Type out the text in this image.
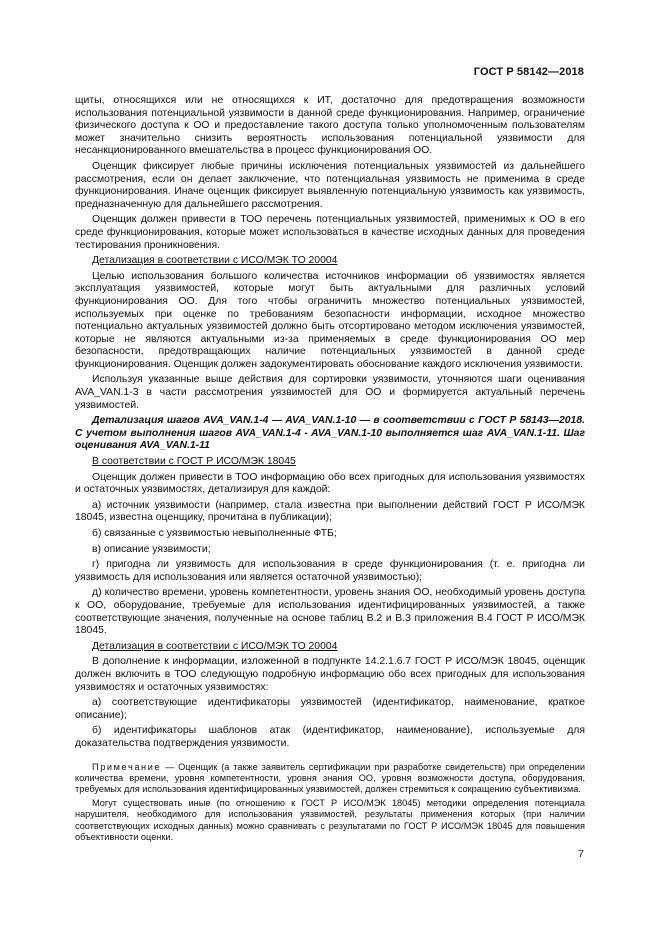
ГОСТ Р 58142—2018

щиты, относящихся или не относящихся к ИТ, достаточно для предотвращения возможности использования потенциальной уязвимости в данной среде функционирования. Например, ограничение физического доступа к ОО и предоставление такого доступа только уполномоченным пользователям может значительно снизить вероятность использования потенциальной уязвимости для несанкционированного вмешательства в процесс функционирования ОО.

Оценщик фиксирует любые причины исключения потенциальных уязвимостей из дальнейшего рассмотрения, если он делает заключение, что потенциальная уязвимость не применима в среде функционирования. Иначе оценщик фиксирует выявленную потенциальную уязвимость как уязвимость, предназначенную для дальнейшего рассмотрения.

Оценщик должен привести в ТОО перечень потенциальных уязвимостей, применимых к ОО в его среде функционирования, которые может использоваться в качестве исходных данных для проведения тестирования проникновения.

Детализация в соответствии с ИСО/МЭК ТО 20004

Целью использования большого количества источников информации об уязвимостях является эксплуатация уязвимостей, которые могут быть актуальными для различных условий функционирования ОО. Для того чтобы ограничить множество потенциальных уязвимостей, используемых при оценке по требованиям безопасности информации, исходное множество потенциально актуальных уязвимостей должно быть отсортировано методом исключения уязвимостей, которые не являются актуальными из-за применяемых в среде функционирования ОО мер безопасности, предотвращающих наличие потенциальных уязвимостей в данной среде функционирования. Оценщик должен задокументировать обоснование каждого исключения уязвимости.

Используя указанные выше действия для сортировки уязвимости, уточняются шаги оценивания AVA_VAN.1-3 в части рассмотрения уязвимостей для ОО и формируется актуальный перечень уязвимостей.

Детализация шагов AVA_VAN.1-4 — AVA_VAN.1-10 — в соответствии с ГОСТ Р 58143—2018. С учетом выполнения шагов AVA_VAN.1-4 - AVA_VAN.1-10 выполняется шаг AVA_VAN.1-11. Шаг оценивания AVA_VAN.1-11

В соответствии с ГОСТ Р ИСО/МЭК 18045

Оценщик должен привести в ТОО информацию обо всех пригодных для использования уязвимостях и остаточных уязвимостях, детализируя для каждой:

а) источник уязвимости (например, стала известна при выполнении действий ГОСТ Р ИСО/МЭК 18045, известна оценщику, прочитана в публикации);

б) связанные с уязвимостью невыполненные ФТБ;

в) описание уязвимости;

г) пригодна ли уязвимость для использования в среде функционирования (т. е. пригодна ли уязвимость для использования или является остаточной уязвимостью);

д) количество времени, уровень компетентности, уровень знания ОО, необходимый уровень доступа к ОО, оборудование, требуемые для использования идентифицированных уязвимостей, а также соответствующие значения, полученные на основе таблиц В.2 и В.3 приложения В.4 ГОСТ Р ИСО/МЭК 18045.

Детализация в соответствии с ИСО/МЭК ТО 20004

В дополнение к информации, изложенной в подпункте 14.2.1.6.7 ГОСТ Р ИСО/МЭК 18045, оценщик должен включить в ТОО следующую подробную информацию обо всех пригодных для использования уязвимостях и остаточных уязвимостях:

а) соответствующие идентификаторы уязвимостей (идентификатор, наименование, краткое описание);

б) идентификаторы шаблонов атак (идентификатор, наименование), используемые для доказательства подтверждения уязвимости.

Примечание — Оценщик (а также заявитель сертификации при разработке свидетельств) при определении количества времени, уровня компетентности, уровня знания ОО, уровня возможности доступа, оборудования, требуемых для использования идентифицированных уязвимостей, должен стремиться к сокращению субъективизма.

Могут существовать иные (по отношению к ГОСТ Р ИСО/МЭК 18045) методики определения потенциала нарушителя, необходимого для использования уязвимостей, результаты применения которых (при наличии соответствующих исходных данных) можно сравнивать с результатами по ГОСТ Р ИСО/МЭК 18045 для повышения объективности оценки.

7
